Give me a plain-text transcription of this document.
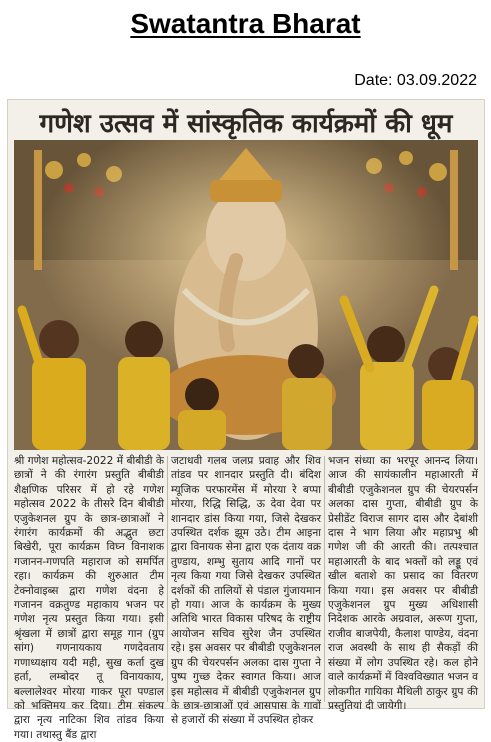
Swatantra Bharat
Date: 03.09.2022
गणेश उत्सव में सांस्कृतिक कार्यक्रमों की धूम

श्री गणेश महोत्सव-2022 में बीबीडी के छात्रों ने की रंगारंग प्रस्तुति बीबीडी शैक्षणिक परिसर में हो रहे गणेश महोत्सव 2022 के तीसरे दिन बीबीडी एजुकेशनल ग्रुप के छात्र-छात्राओं ने रंगारंग कार्यक्रमों की अद्भुत छटा बिखेरी, पूरा कार्यक्रम विघ्न विनाशक गजानन-गणपति महाराज को समर्पित रहा। कार्यक्रम की शुरुआत टीम टेक्नोवाइब्स द्वारा गणेश वंदना हे गजानन वक्रतुण्ड महाकाय भजन पर गणेश नृत्य प्रस्तुत किया गया। इसी श्रृंखला में छात्रों द्वारा समूह गान (ग्रुप सांग) गणनायकाय गणदेवताय गणाध्यक्षाय यदी मही, सुख कर्ता दुख हर्ता, लम्बोदर तू विनायकाय, बल्लालेश्वर मोरया गाकर पूरा पण्डाल को भक्तिमय कर दिया। टीम संकल्प द्वारा नृत्य नाटिका शिव तांडव किया गया। तथास्तु बैंड द्वारा

जटाधवी गलब जलप्र प्रवाह और शिव तांडव पर शानदार प्रस्तुति दी। बंदिश म्यूजिक परफारमेंस में मोरया रे बप्पा मोरया, रिद्धि सिद्धि, ऊ देवा देवा पर शानदार डांस किया गया, जिसे देखकर उपस्थित दर्शक झूम उठे। टीम आइना द्वारा विनायक सेना द्वारा एक दंताय वक्र तुण्डाय, शम्भु सुताय आदि गानों पर नृत्य किया गया जिसे देखकर उपस्थित दर्शकों की तालियों से पंडाल गुंजायमान हो गया। आज के कार्यक्रम के मुख्य अतिथि भारत विकास परिषद के राष्ट्रीय आयोजन सचिव सुरेश जैन उपस्थित रहे। इस अवसर पर बीबीडी एजुकेशनल ग्रुप की चेयरपर्सन अलका दास गुप्ता ने पुष्प गुच्छ देकर स्वागत किया। आज इस महोत्सव में बीबीडी एजुकेशनल ग्रुप के छात्र-छात्राओं एवं आसपास के गावों से हजारों की संख्या में उपस्थित होकर

भजन संध्या का भरपूर आनन्द लिया। आज की सायंकालीन महाआरती में बीबीडी एजुकेशनल ग्रुप की चेयरपर्सन अलका दास गुप्ता, बीबीडी ग्रुप के प्रेसीडेंट विराज सागर दास और देबांशी दास ने भाग लिया और महाप्रभु श्री गणेश जी की आरती की। तत्पश्चात महाआरती के बाद भक्तों को लड्डू एवं खील बताशे का प्रसाद का वितरण किया गया। इस अवसर पर बीबीडी एजुकेशनल ग्रुप मुख्य अधिशासी निदेशक आरके अग्रवाल, अरूण गुप्ता, राजीव बाजपेयी, कैलाश पाण्डेय, वंदना राज अवस्थी के साथ ही सैकड़ों की संख्या में लोग उपस्थित रहे। कल होने वाले कार्यक्रमों में विश्वविख्यात भजन व लोकगीत गायिका मैथिली ठाकुर ग्रुप की प्रस्तुतियां दी जायेगी।
